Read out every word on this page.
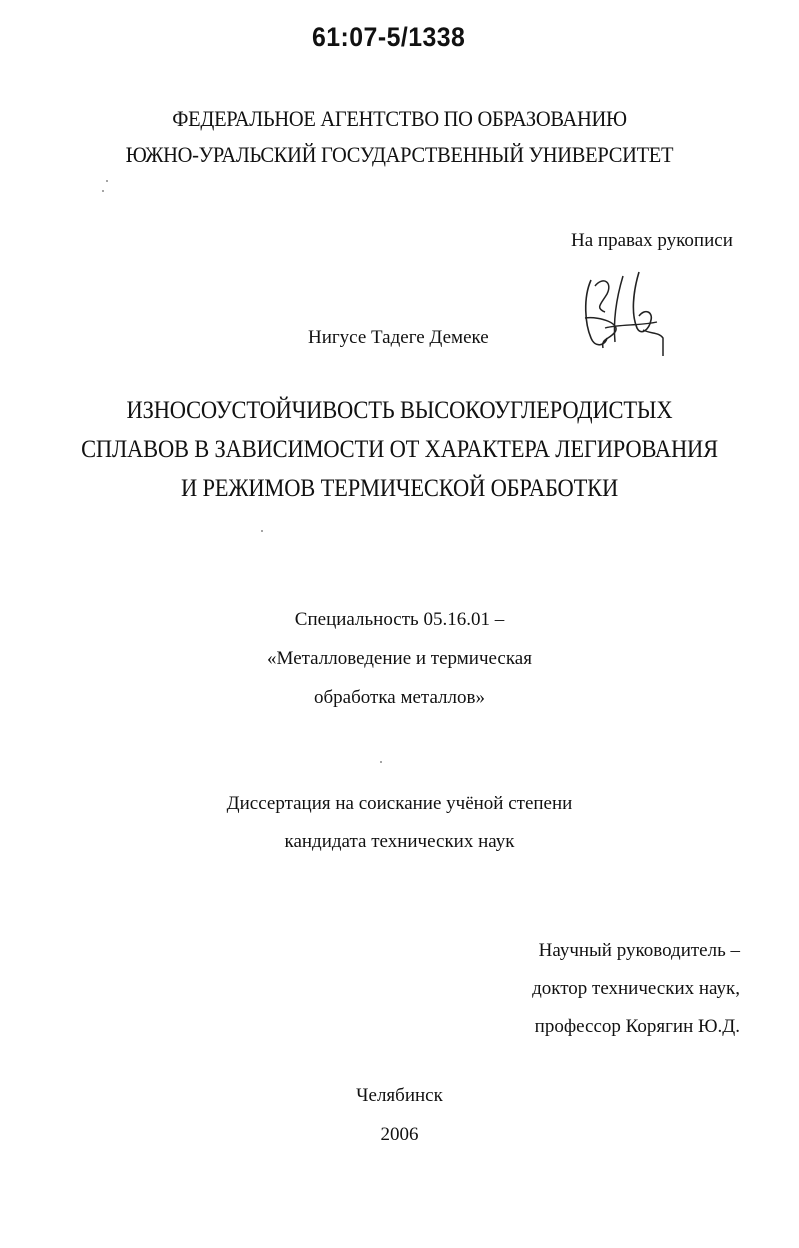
61:07-5/1338
ФЕДЕРАЛЬНОЕ АГЕНТСТВО ПО ОБРАЗОВАНИЮ
ЮЖНО-УРАЛЬСКИЙ ГОСУДАРСТВЕННЫЙ УНИВЕРСИТЕТ
На правах рукописи
Нигусе Тадеге Демеке
ИЗНОСОУСТОЙЧИВОСТЬ ВЫСОКОУГЛЕРОДИСТЫХ
СПЛАВОВ В ЗАВИСИМОСТИ ОТ ХАРАКТЕРА ЛЕГИРОВАНИЯ
И РЕЖИМОВ ТЕРМИЧЕСКОЙ ОБРАБОТКИ
Специальность 05.16.01 –
«Металловедение и термическая
обработка металлов»
Диссертация на соискание учёной степени
кандидата технических наук
Научный руководитель –
доктор технических наук,
профессор Корягин Ю.Д.
Челябинск
2006
